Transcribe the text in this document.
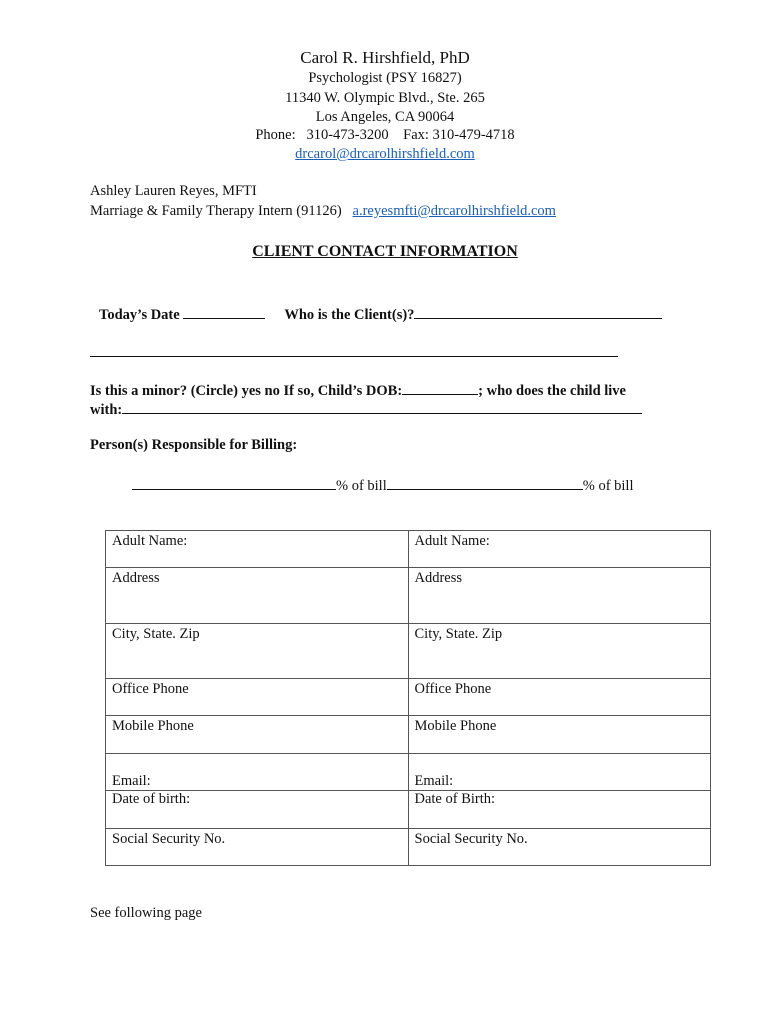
Carol R. Hirshfield, PhD
Psychologist (PSY 16827)
11340 W. Olympic Blvd., Ste. 265
Los Angeles, CA 90064
Phone:   310-473-3200    Fax: 310-479-4718
drcarol@drcarolhirshfield.com
Ashley Lauren Reyes, MFTI
Marriage & Family Therapy Intern (91126) a.reyesmfti@drcarolhirshfield.com
CLIENT CONTACT INFORMATION
Today’s Date	Who is the Client(s)?
Is this a minor? (Circle) yes no If so, Child’s DOB:	; who does the child live
with:
Person(s) Responsible for Billing:
% of bill	% of bill
Adult Name:	Adult Name:
Address	Address
City, State. Zip	City, State. Zip
Office Phone	Office Phone
Mobile Phone	Mobile Phone
Email:	Email:
Date of birth:	Date of Birth:
Social Security No.	Social Security No.
See following page
